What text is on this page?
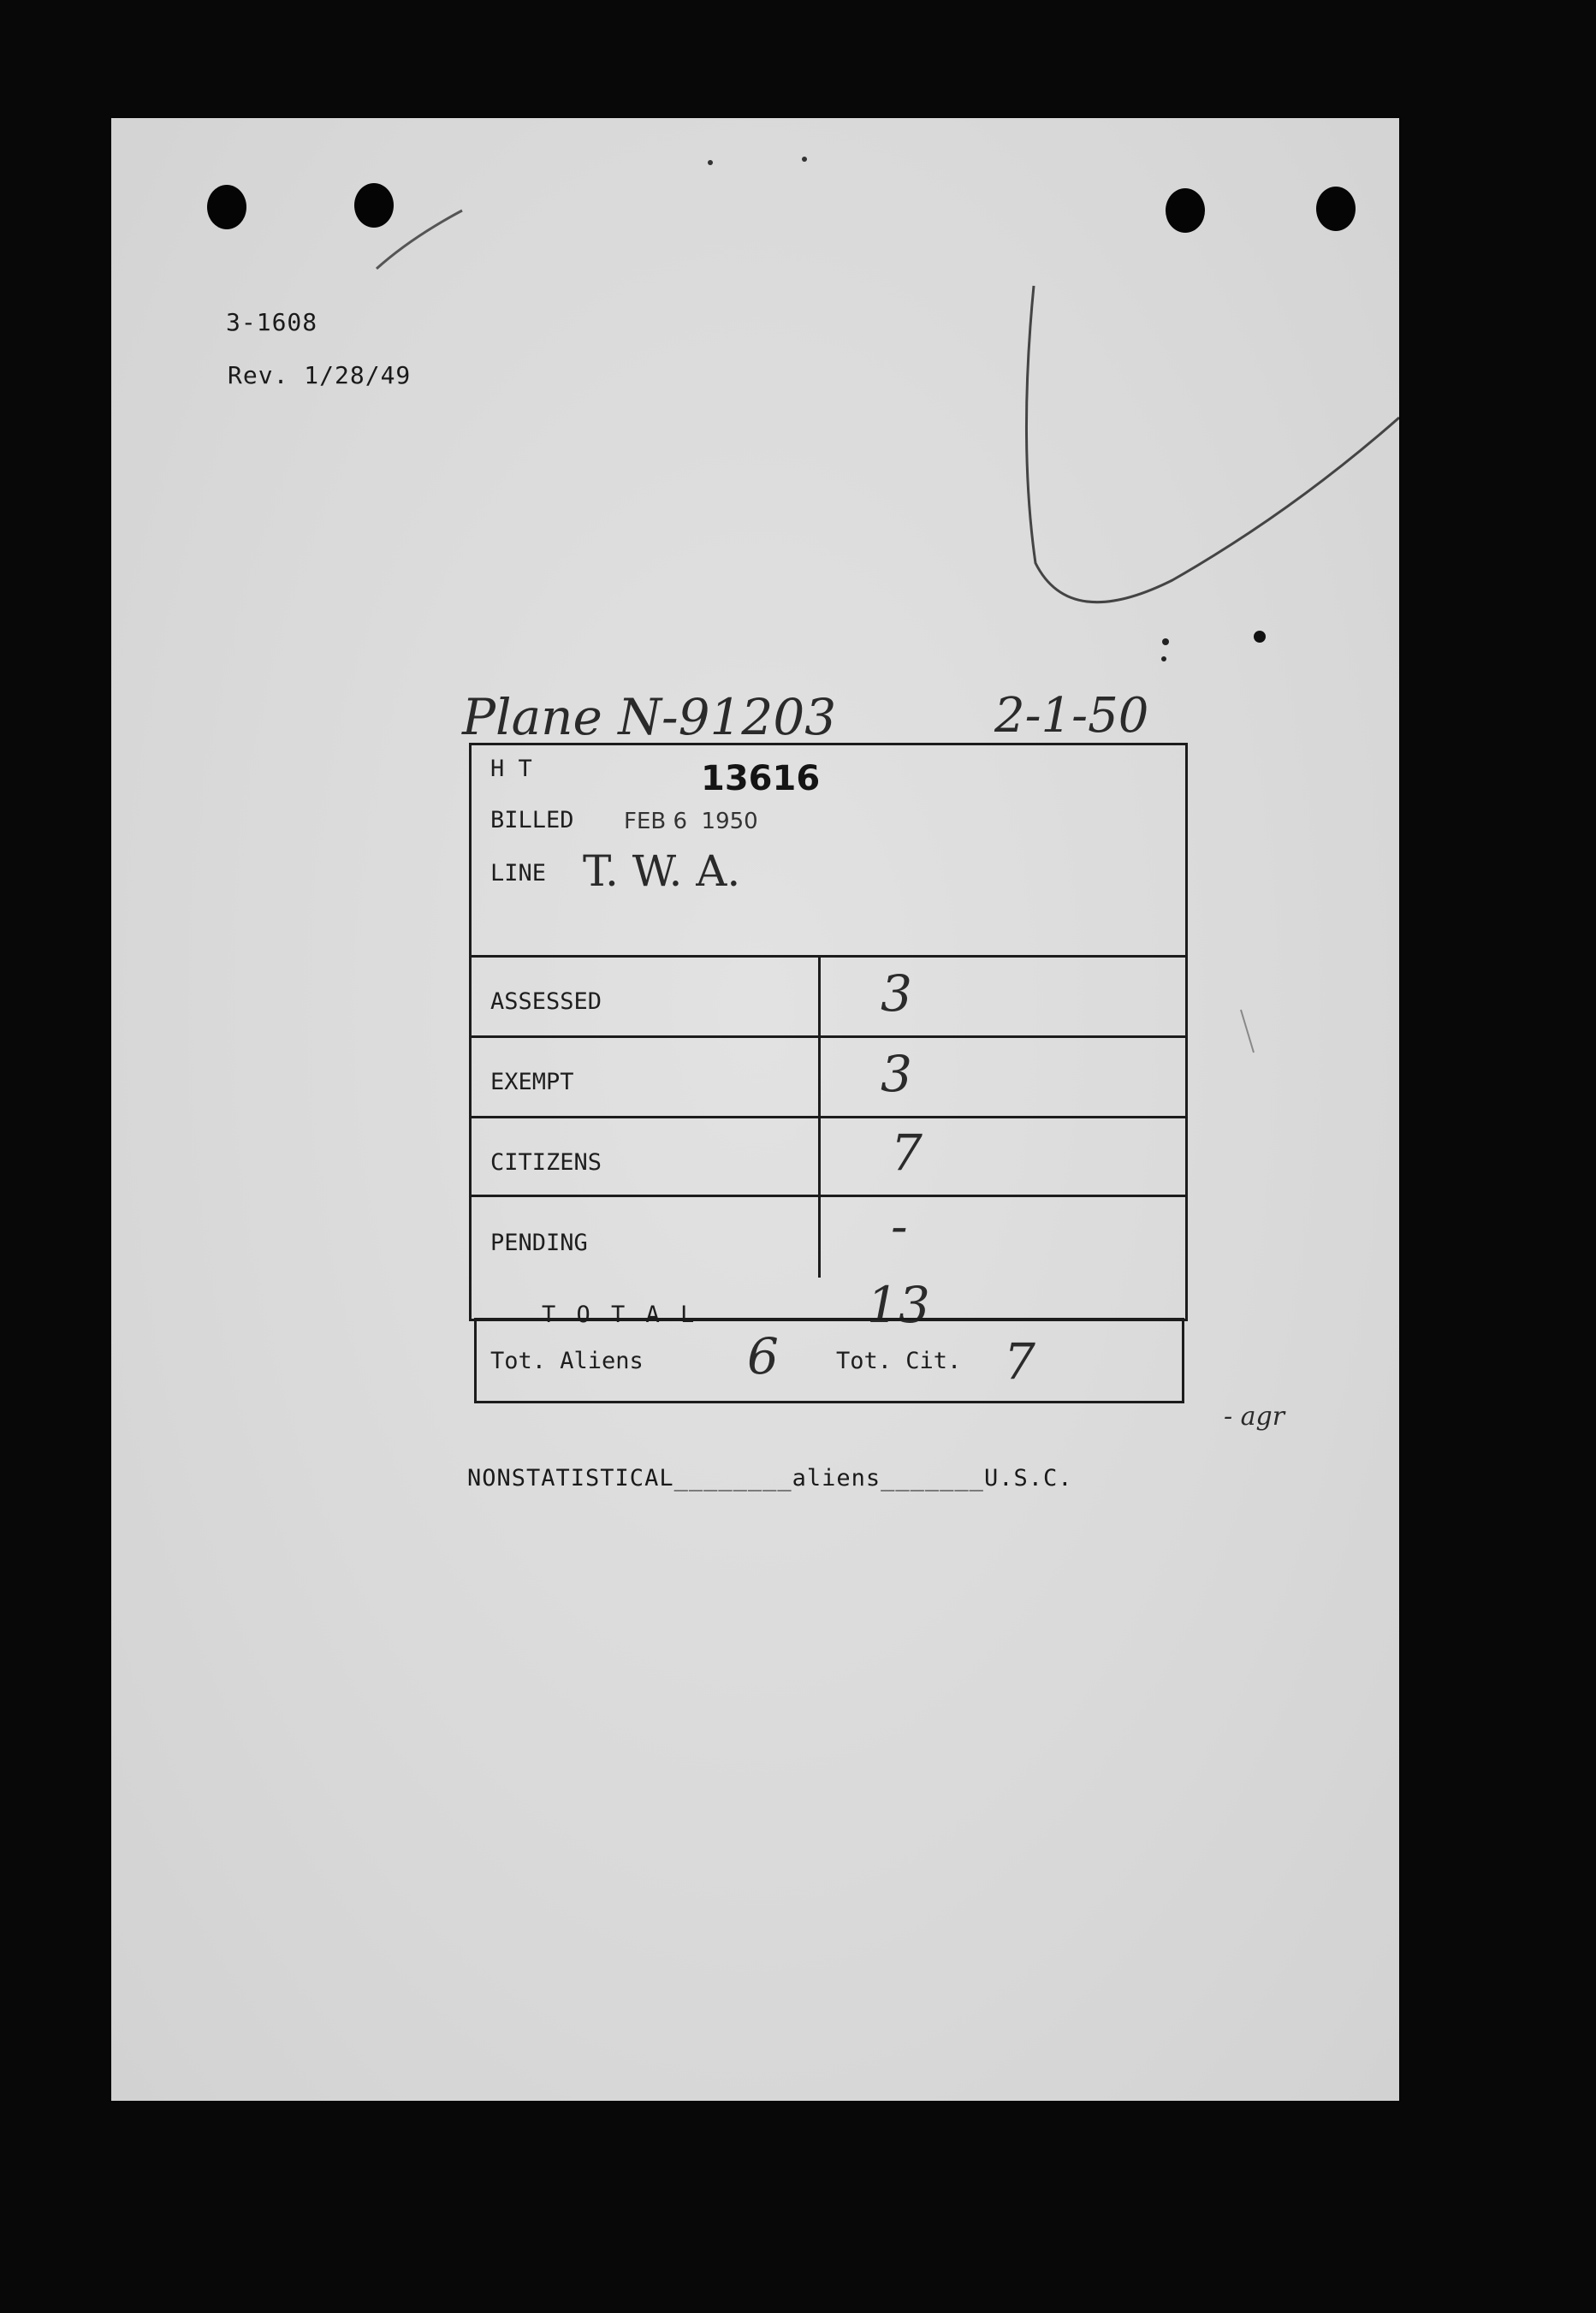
3-1608
Rev. 1/28/49
Plane N-91203	2-1-50
- agr
H T	13616
BILLED FEB 6  1950
LINE T. W. A.
ASSESSED	3
EXEMPT	3
CITIZENS	7
PENDING	-
T O T A L	13
Tot. Aliens 6 Tot. Cit. 7
NONSTATISTICAL________aliens_______U.S.C.
